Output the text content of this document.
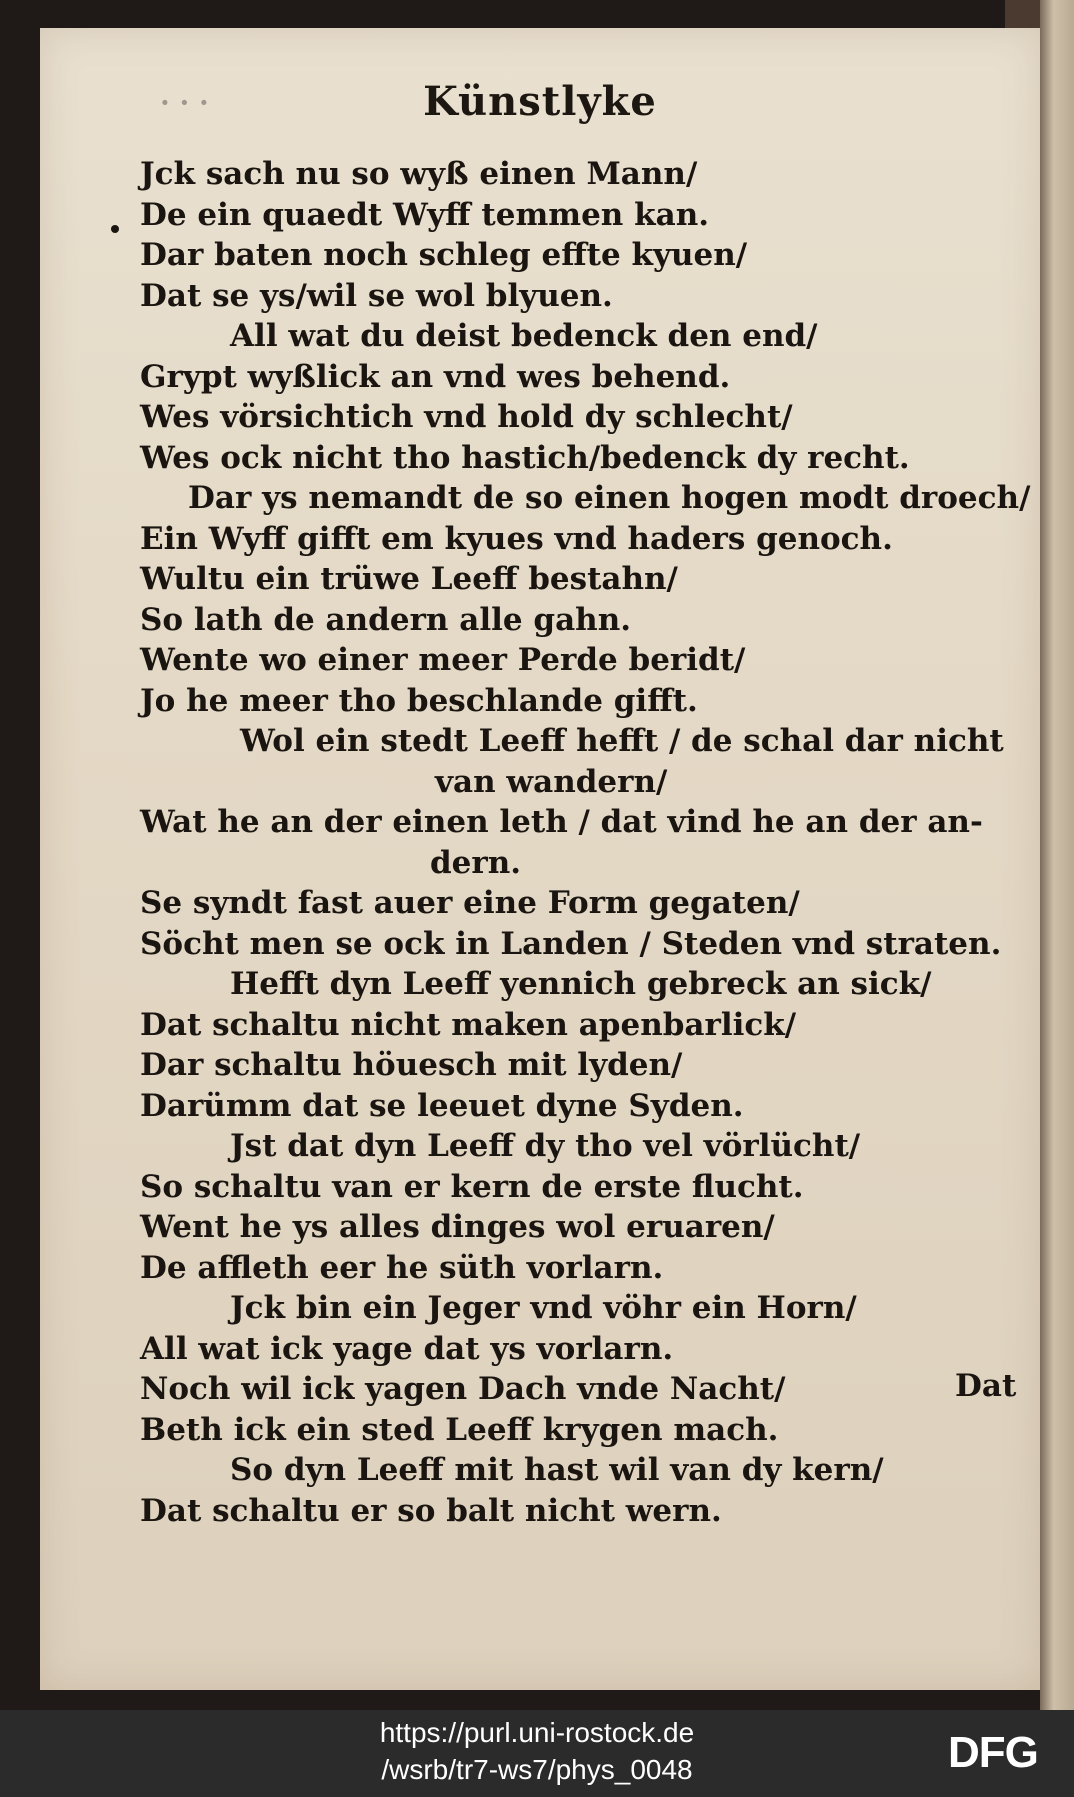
· · ·	Künstlyke
Jck sach nu so wyß einen Mann/
De ein quaedt Wyff temmen kan.
Dar baten noch schleg effte kyuen/
Dat se ys/wil se wol blyuen.
All wat du deist bedenck den end/
Grypt wyßlick an vnd wes behend.
Wes vörsichtich vnd hold dy schlecht/
Wes ock nicht tho hastich/bedenck dy recht.
Dar ys nemandt de so einen hogen modt droech/
Ein Wyff gifft em kyues vnd haders genoch.
Wultu ein trüwe Leeff bestahn/
So lath de andern alle gahn.
Wente wo einer meer Perde beridt/
Jo he meer tho beschlande gifft.
Wol ein stedt Leeff hefft / de schal dar nicht
van wandern/
Wat he an der einen leth / dat vind he an der an-
dern.
Se syndt fast auer eine Form gegaten/
Söcht men se ock in Landen / Steden vnd straten.
Hefft dyn Leeff yennich gebreck an sick/
Dat schaltu nicht maken apenbarlick/
Dar schaltu höuesch mit lyden/
Darümm dat se leeuet dyne Syden.
Jst dat dyn Leeff dy tho vel vörlücht/
So schaltu van er kern de erste flucht.
Went he ys alles dinges wol eruaren/
De affleth eer he süth vorlarn.
Jck bin ein Jeger vnd vöhr ein Horn/
All wat ick yage dat ys vorlarn.
Noch wil ick yagen Dach vnde Nacht/
Beth ick ein sted Leeff krygen mach.
So dyn Leeff mit hast wil van dy kern/
Dat schaltu er so balt nicht wern.
Dat
https://purl.uni-rostock.de
/wsrb/tr7-ws7/phys_0048	DFG
